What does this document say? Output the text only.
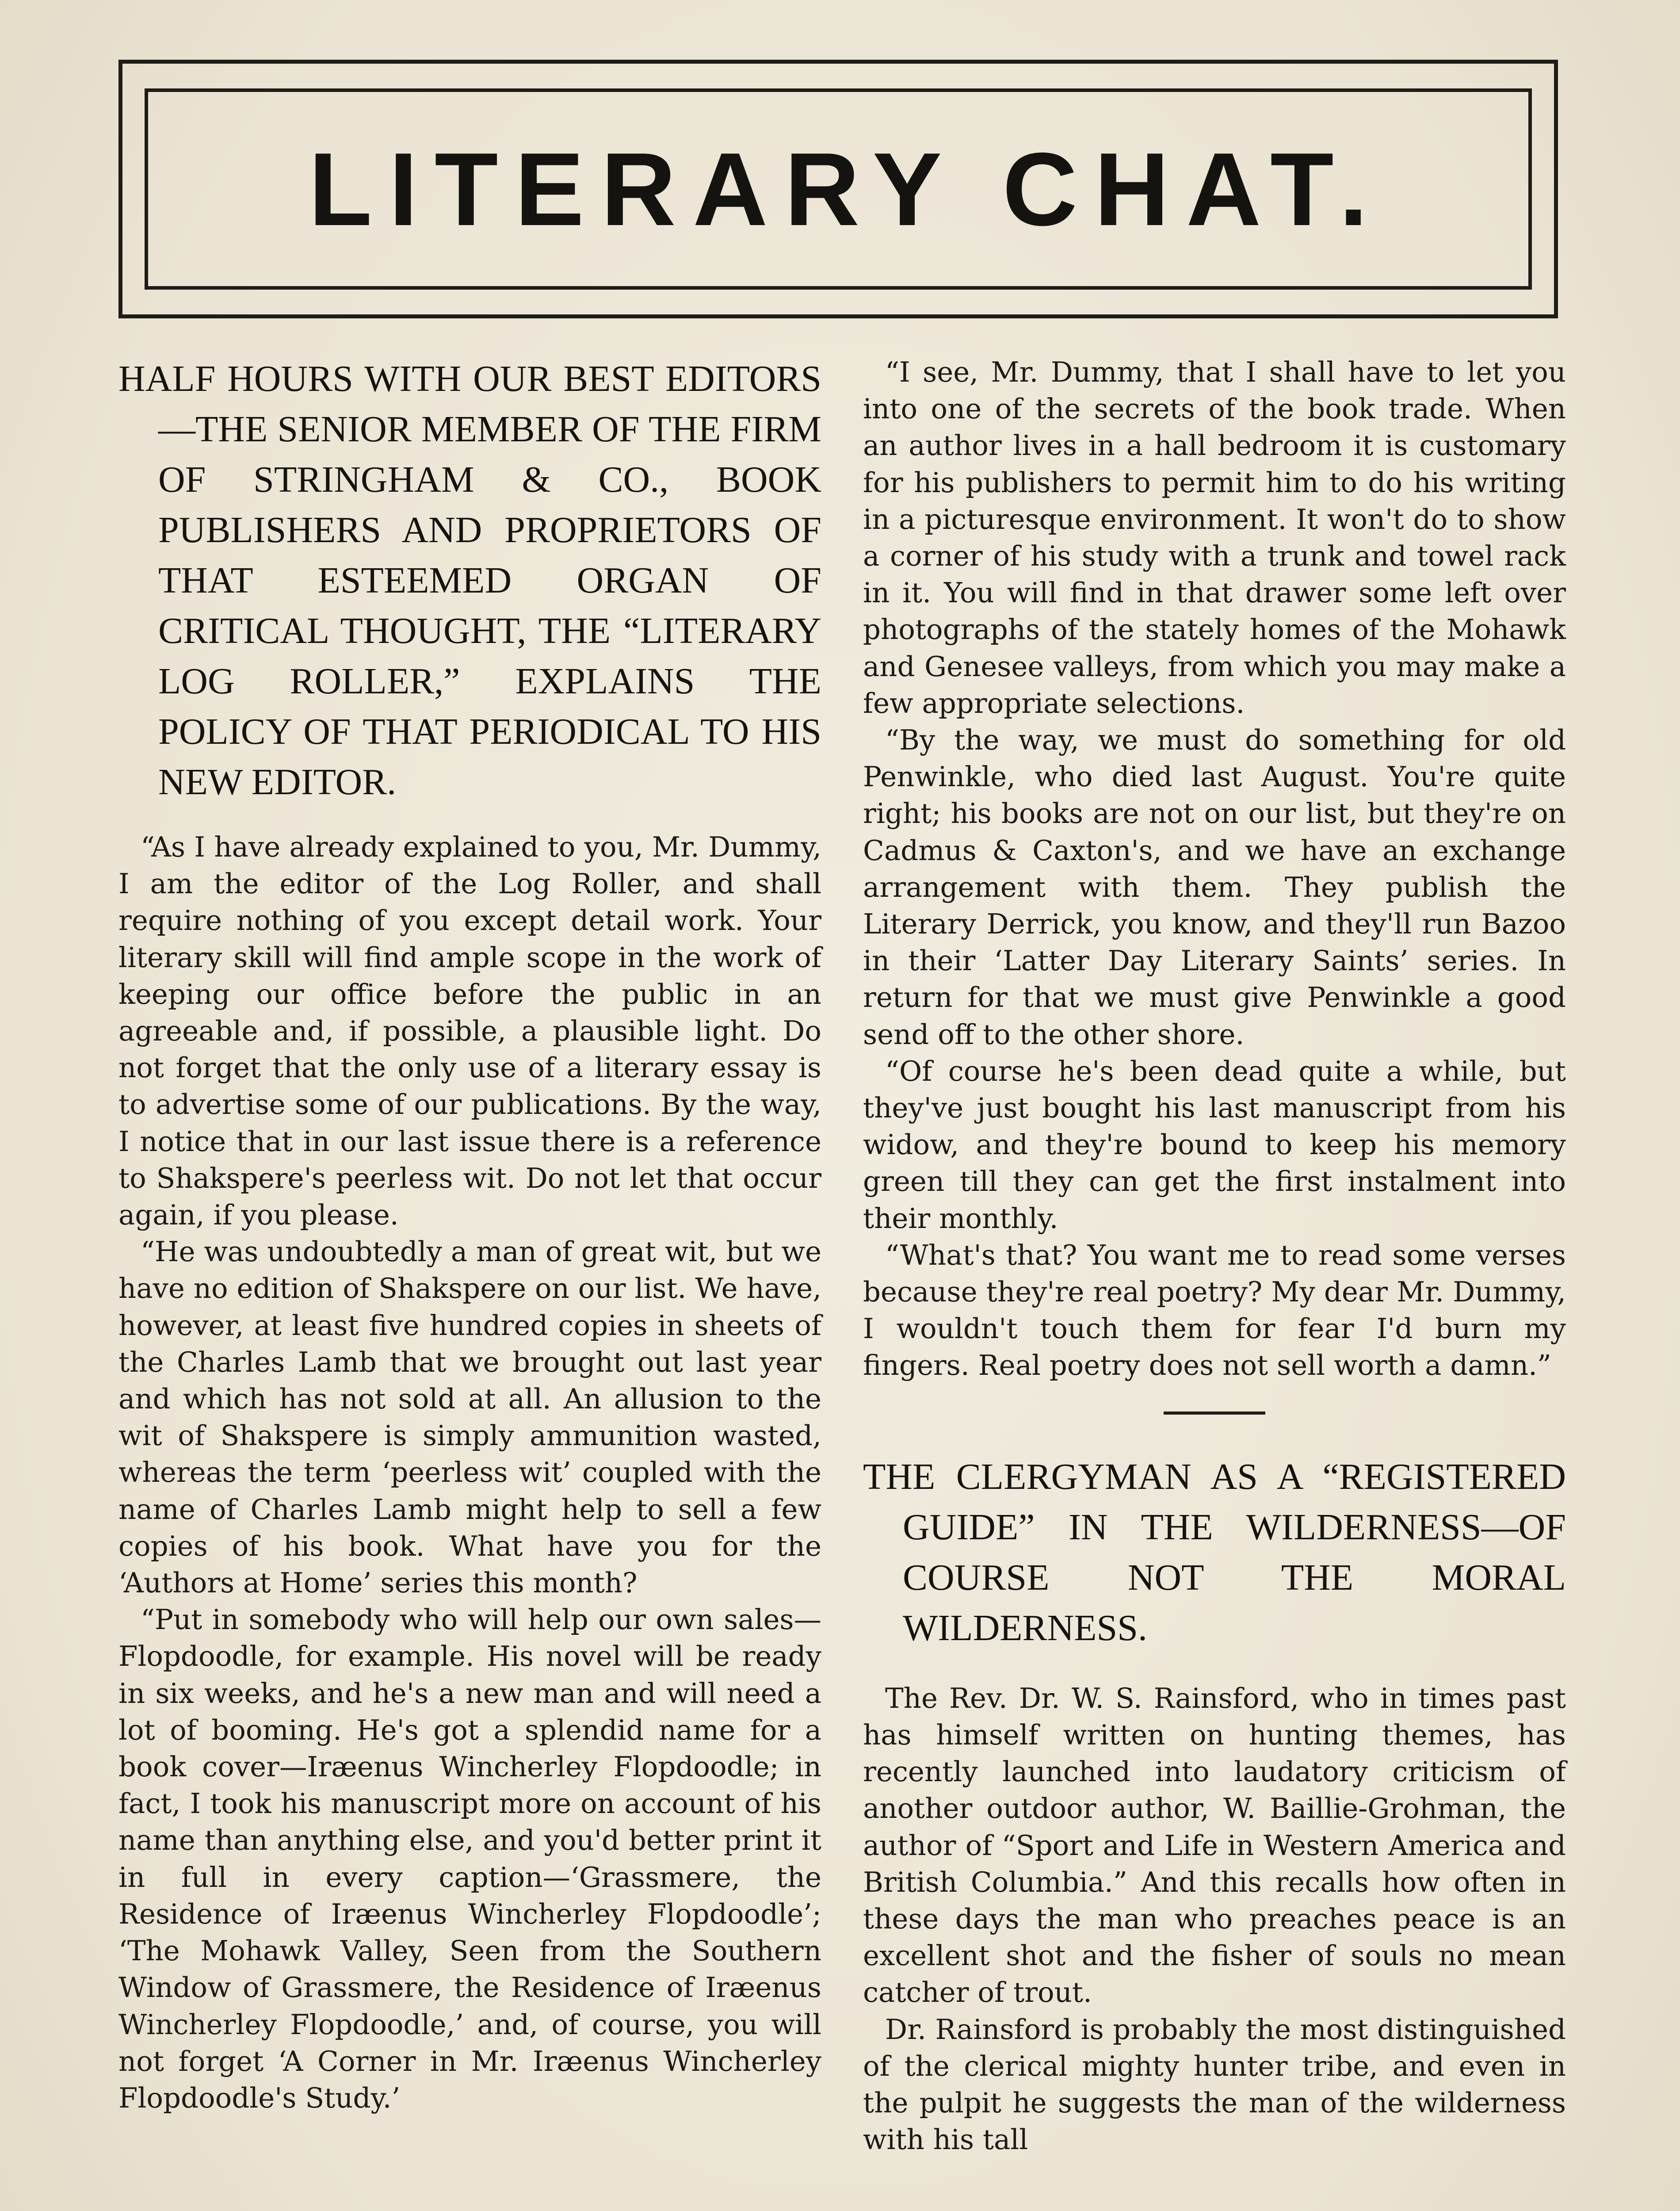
LITERARY CHAT.

HALF HOURS WITH OUR BEST EDITORS—THE SENIOR MEMBER OF THE FIRM OF STRINGHAM & CO., BOOK PUBLISHERS AND PROPRIETORS OF THAT ESTEEMED ORGAN OF CRITICAL THOUGHT, THE “LITERARY LOG ROLLER,” EXPLAINS THE POLICY OF THAT PERIODICAL TO HIS NEW EDITOR.

“As I have already explained to you, Mr. Dummy, I am the editor of the Log Roller, and shall require nothing of you except detail work. Your literary skill will find ample scope in the work of keeping our office before the public in an agreeable and, if possible, a plausible light. Do not forget that the only use of a literary essay is to advertise some of our publications. By the way, I notice that in our last issue there is a reference to Shakspere's peerless wit. Do not let that occur again, if you please.

“He was undoubtedly a man of great wit, but we have no edition of Shakspere on our list. We have, however, at least five hundred copies in sheets of the Charles Lamb that we brought out last year and which has not sold at all. An allusion to the wit of Shakspere is simply ammunition wasted, whereas the term ‘peerless wit’ coupled with the name of Charles Lamb might help to sell a few copies of his book. What have you for the ‘Authors at Home’ series this month?

“Put in somebody who will help our own sales—Flopdoodle, for example. His novel will be ready in six weeks, and he's a new man and will need a lot of booming. He's got a splendid name for a book cover—Iræenus Wincherley Flopdoodle; in fact, I took his manuscript more on account of his name than anything else, and you'd better print it in full in every caption—‘Grassmere, the Residence of Iræenus Wincherley Flopdoodle’; ‘The Mohawk Valley, Seen from the Southern Window of Grassmere, the Residence of Iræenus Wincherley Flopdoodle,’ and, of course, you will not forget ‘A Corner in Mr. Iræenus Wincherley Flopdoodle's Study.’

“I see, Mr. Dummy, that I shall have to let you into one of the secrets of the book trade. When an author lives in a hall bedroom it is customary for his publishers to permit him to do his writing in a picturesque environment. It won't do to show a corner of his study with a trunk and towel rack in it. You will find in that drawer some left over photographs of the stately homes of the Mohawk and Genesee valleys, from which you may make a few appropriate selections.

“By the way, we must do something for old Penwinkle, who died last August. You're quite right; his books are not on our list, but they're on Cadmus & Caxton's, and we have an exchange arrangement with them. They publish the Literary Derrick, you know, and they'll run Bazoo in their ‘Latter Day Literary Saints’ series. In return for that we must give Penwinkle a good send off to the other shore.

“Of course he's been dead quite a while, but they've just bought his last manuscript from his widow, and they're bound to keep his memory green till they can get the first instalment into their monthly.

“What's that? You want me to read some verses because they're real poetry? My dear Mr. Dummy, I wouldn't touch them for fear I'd burn my fingers. Real poetry does not sell worth a damn.”

THE CLERGYMAN AS A “REGISTERED GUIDE” IN THE WILDERNESS—OF COURSE NOT THE MORAL WILDERNESS.

The Rev. Dr. W. S. Rainsford, who in times past has himself written on hunting themes, has recently launched into laudatory criticism of another outdoor author, W. Baillie-Grohman, the author of “Sport and Life in Western America and British Columbia.” And this recalls how often in these days the man who preaches peace is an excellent shot and the fisher of souls no mean catcher of trout.

Dr. Rainsford is probably the most distinguished of the clerical mighty hunter tribe, and even in the pulpit he suggests the man of the wilderness with his tall
